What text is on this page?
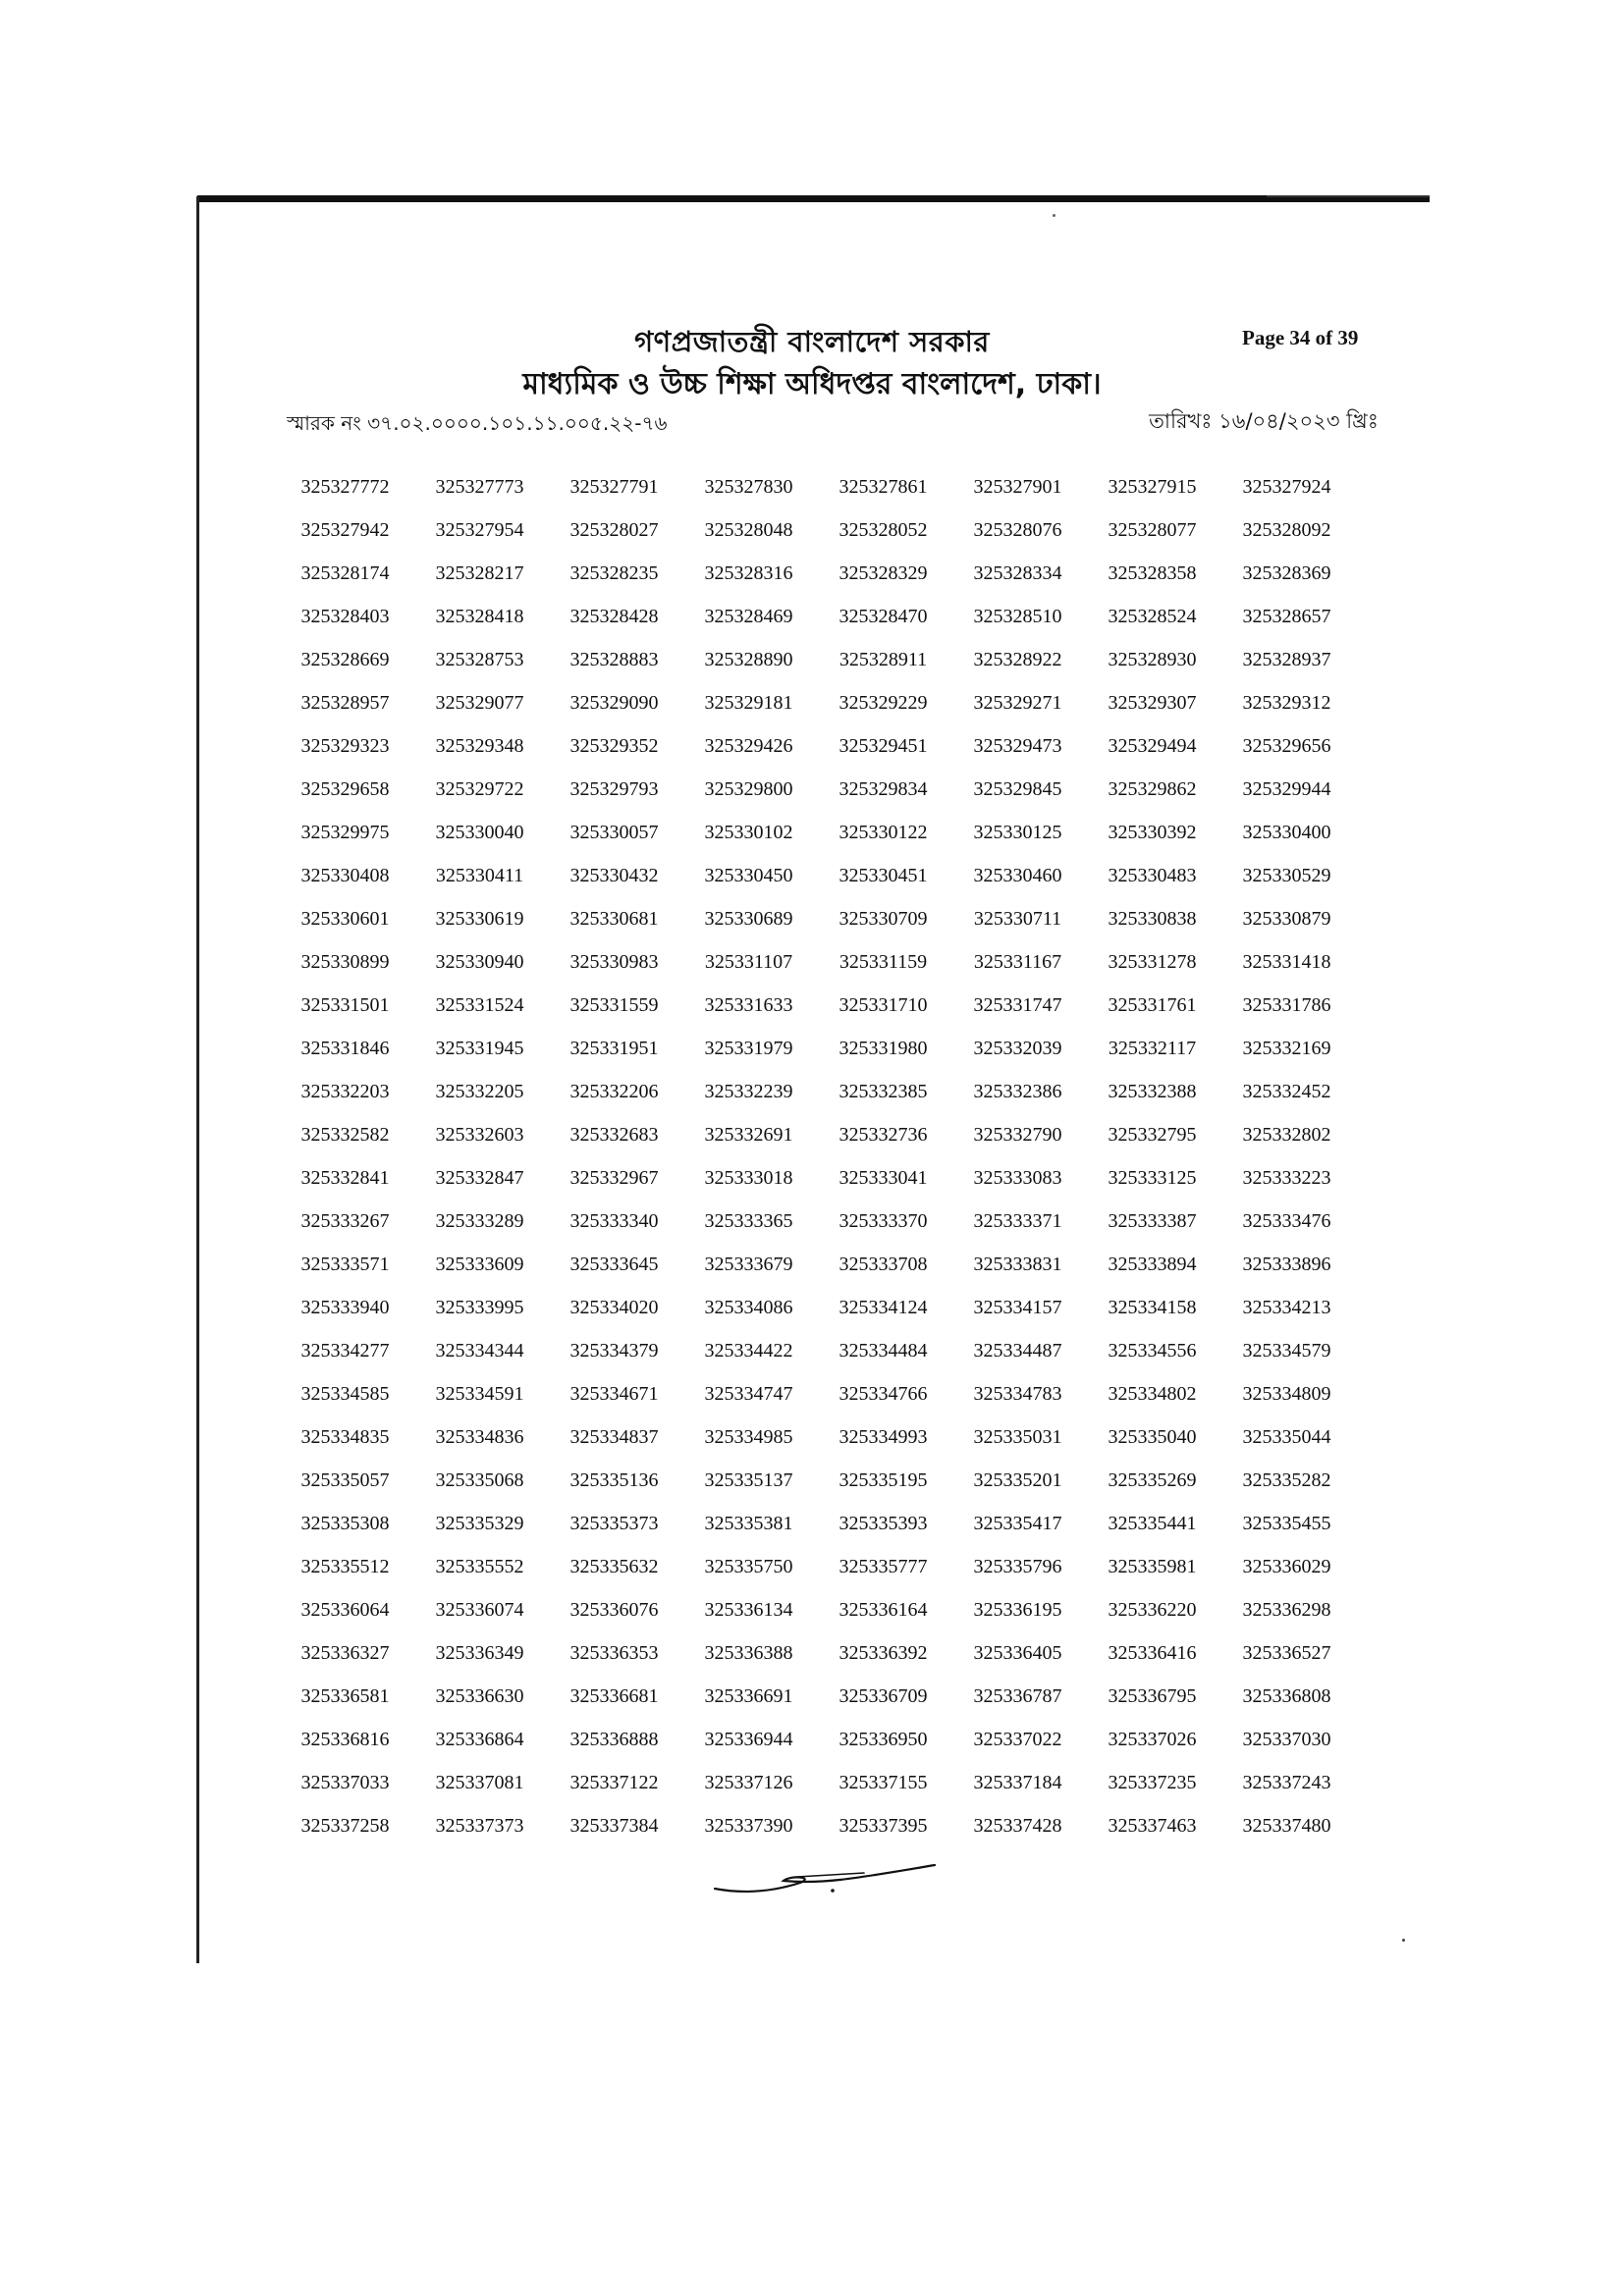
গণপ্রজাতন্ত্রী বাংলাদেশ সরকার
মাধ্যমিক ও উচ্চ শিক্ষা অধিদপ্তর বাংলাদেশ, ঢাকা।
Page 34 of 39
স্মারক নং ৩৭.০২.০০০০.১০১.১১.০০৫.২২-৭৬	তারিখঃ ১৬/০৪/২০২৩ খ্রিঃ
325327772	325327773	325327791	325327830	325327861	325327901	325327915	325327924
325327942	325327954	325328027	325328048	325328052	325328076	325328077	325328092
325328174	325328217	325328235	325328316	325328329	325328334	325328358	325328369
325328403	325328418	325328428	325328469	325328470	325328510	325328524	325328657
325328669	325328753	325328883	325328890	325328911	325328922	325328930	325328937
325328957	325329077	325329090	325329181	325329229	325329271	325329307	325329312
325329323	325329348	325329352	325329426	325329451	325329473	325329494	325329656
325329658	325329722	325329793	325329800	325329834	325329845	325329862	325329944
325329975	325330040	325330057	325330102	325330122	325330125	325330392	325330400
325330408	325330411	325330432	325330450	325330451	325330460	325330483	325330529
325330601	325330619	325330681	325330689	325330709	325330711	325330838	325330879
325330899	325330940	325330983	325331107	325331159	325331167	325331278	325331418
325331501	325331524	325331559	325331633	325331710	325331747	325331761	325331786
325331846	325331945	325331951	325331979	325331980	325332039	325332117	325332169
325332203	325332205	325332206	325332239	325332385	325332386	325332388	325332452
325332582	325332603	325332683	325332691	325332736	325332790	325332795	325332802
325332841	325332847	325332967	325333018	325333041	325333083	325333125	325333223
325333267	325333289	325333340	325333365	325333370	325333371	325333387	325333476
325333571	325333609	325333645	325333679	325333708	325333831	325333894	325333896
325333940	325333995	325334020	325334086	325334124	325334157	325334158	325334213
325334277	325334344	325334379	325334422	325334484	325334487	325334556	325334579
325334585	325334591	325334671	325334747	325334766	325334783	325334802	325334809
325334835	325334836	325334837	325334985	325334993	325335031	325335040	325335044
325335057	325335068	325335136	325335137	325335195	325335201	325335269	325335282
325335308	325335329	325335373	325335381	325335393	325335417	325335441	325335455
325335512	325335552	325335632	325335750	325335777	325335796	325335981	325336029
325336064	325336074	325336076	325336134	325336164	325336195	325336220	325336298
325336327	325336349	325336353	325336388	325336392	325336405	325336416	325336527
325336581	325336630	325336681	325336691	325336709	325336787	325336795	325336808
325336816	325336864	325336888	325336944	325336950	325337022	325337026	325337030
325337033	325337081	325337122	325337126	325337155	325337184	325337235	325337243
325337258	325337373	325337384	325337390	325337395	325337428	325337463	325337480
